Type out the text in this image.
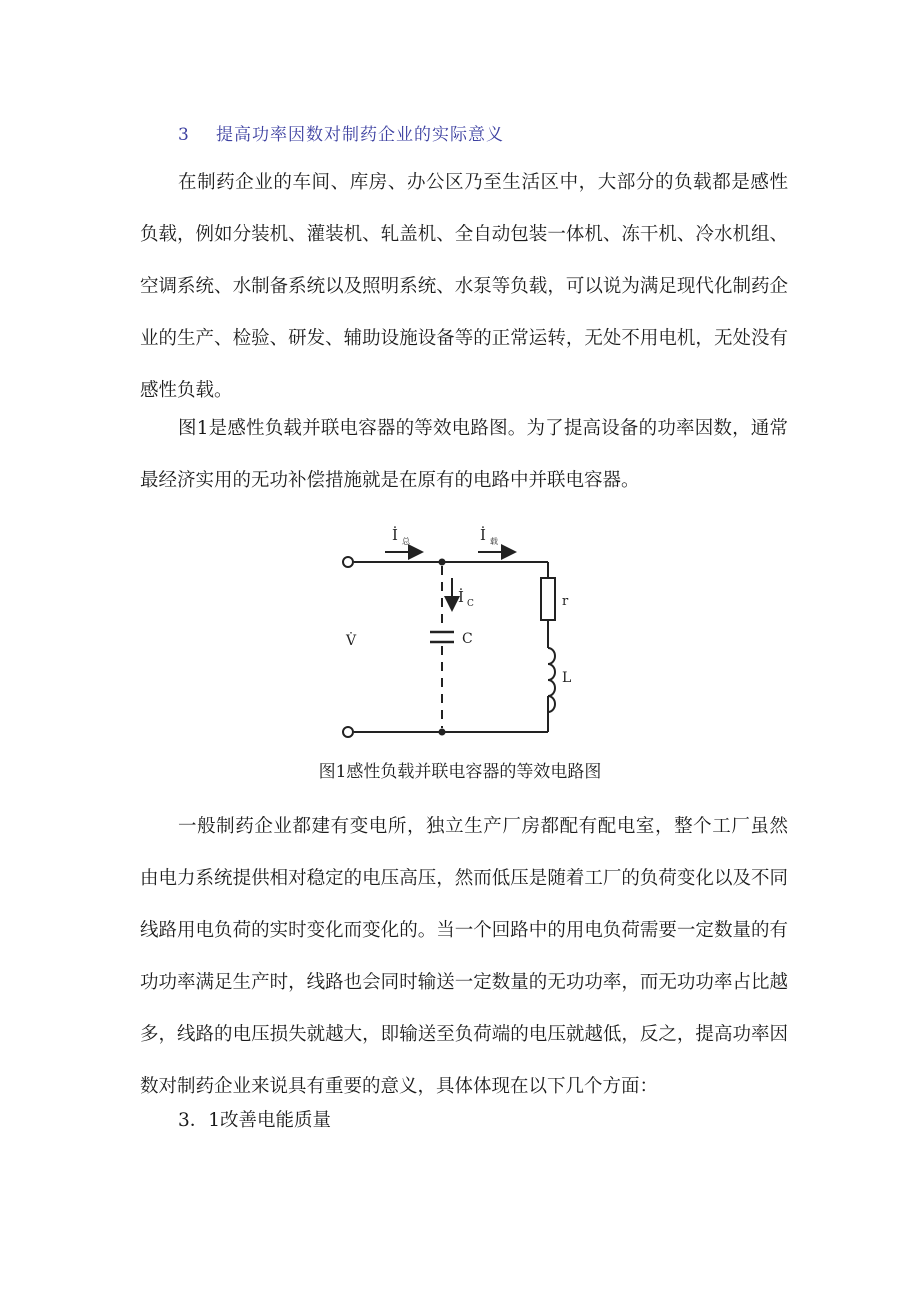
3 提高功率因数对制药企业的实际意义

在制药企业的车间、库房、办公区乃至生活区中，大部分的负载都是感性负载，例如分装机、灌装机、轧盖机、全自动包装一体机、冻干机、冷水机组、空调系统、水制备系统以及照明系统、水泵等负载，可以说为满足现代化制药企业的生产、检验、研发、辅助设施设备等的正常运转，无处不用电机，无处没有感性负载。

图1是感性负载并联电容器的等效电路图。为了提高设备的功率因数，通常最经济实用的无功补偿措施就是在原有的电路中并联电容器。

İ 总	İ 载
İ C
V̇	C
r
L
图1感性负载并联电容器的等效电路图

一般制药企业都建有变电所，独立生产厂房都配有配电室，整个工厂虽然由电力系统提供相对稳定的电压高压，然而低压是随着工厂的负荷变化以及不同线路用电负荷的实时变化而变化的。当一个回路中的用电负荷需要一定数量的有功功率满足生产时，线路也会同时输送一定数量的无功功率，而无功功率占比越多，线路的电压损失就越大，即输送至负荷端的电压就越低，反之，提高功率因数对制药企业来说具有重要的意义，具体体现在以下几个方面：

3．1改善电能质量
